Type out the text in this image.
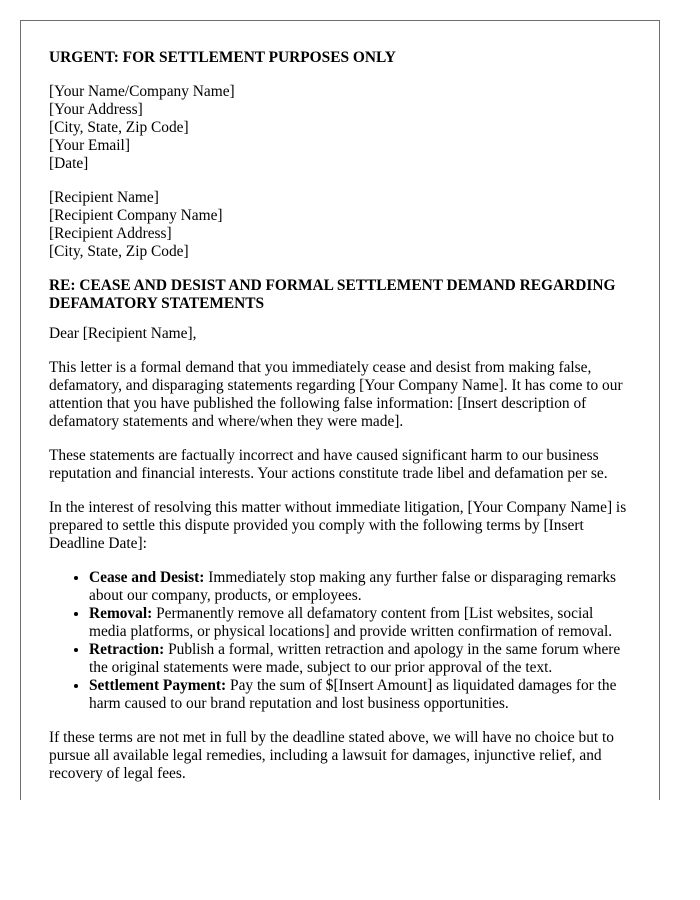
URGENT: FOR SETTLEMENT PURPOSES ONLY
[Your Name/Company Name]
[Your Address]
[City, State, Zip Code]
[Your Email]
[Date]
[Recipient Name]
[Recipient Company Name]
[Recipient Address]
[City, State, Zip Code]
RE: CEASE AND DESIST AND FORMAL SETTLEMENT DEMAND REGARDING DEFAMATORY STATEMENTS

Dear [Recipient Name],

This letter is a formal demand that you immediately cease and desist from making false, defamatory, and disparaging statements regarding [Your Company Name]. It has come to our attention that you have published the following false information: [Insert description of defamatory statements and where/when they were made].

These statements are factually incorrect and have caused significant harm to our business reputation and financial interests. Your actions constitute trade libel and defamation per se.

In the interest of resolving this matter without immediate litigation, [Your Company Name] is prepared to settle this dispute provided you comply with the following terms by [Insert Deadline Date]:

• Cease and Desist: Immediately stop making any further false or disparaging remarks about our company, products, or employees.
• Removal: Permanently remove all defamatory content from [List websites, social media platforms, or physical locations] and provide written confirmation of removal.
• Retraction: Publish a formal, written retraction and apology in the same forum where the original statements were made, subject to our prior approval of the text.
• Settlement Payment: Pay the sum of $[Insert Amount] as liquidated damages for the harm caused to our brand reputation and lost business opportunities.

If these terms are not met in full by the deadline stated above, we will have no choice but to pursue all available legal remedies, including a lawsuit for damages, injunctive relief, and recovery of legal fees.
